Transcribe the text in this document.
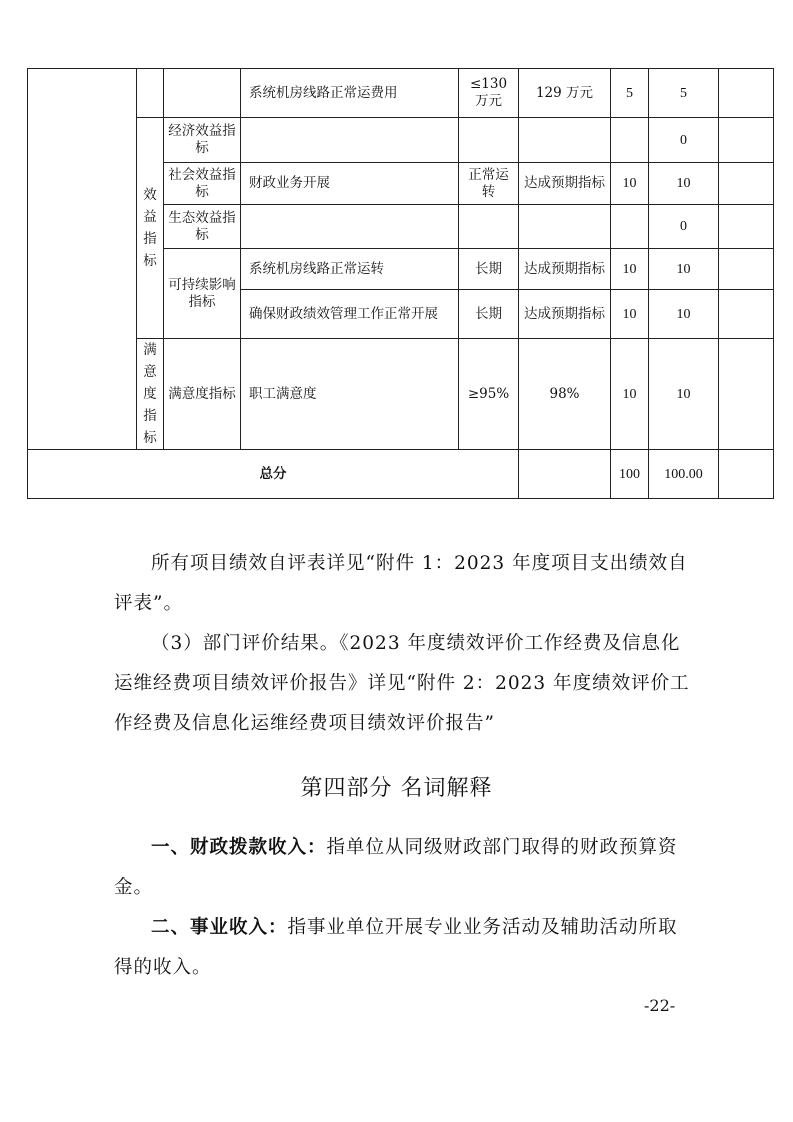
			系统机房线路正常运费用	≤130 万元	129 万元	5	5	
	效益指标	经济效益指标					0	
		社会效益指标	财政业务开展	正常运转	达成预期指标	10	10	
		生态效益指标					0	
		可持续影响指标	系统机房线路正常运转	长期	达成预期指标	10	10	
			确保财政绩效管理工作正常开展	长期	达成预期指标	10	10	
	满意度指标	满意度指标	职工满意度	≥95%	98%	10	10	
总分						100	100.00	
所有项目绩效自评表详见“附件 1：2023 年度项目支出绩效自评表”。
（3）部门评价结果。《2023 年度绩效评价工作经费及信息化运维经费项目绩效评价报告》详见“附件 2：2023 年度绩效评价工作经费及信息化运维经费项目绩效评价报告”
第四部分 名词解释
一、财政拨款收入：指单位从同级财政部门取得的财政预算资金。
二、事业收入：指事业单位开展专业业务活动及辅助活动所取得的收入。
-22-
